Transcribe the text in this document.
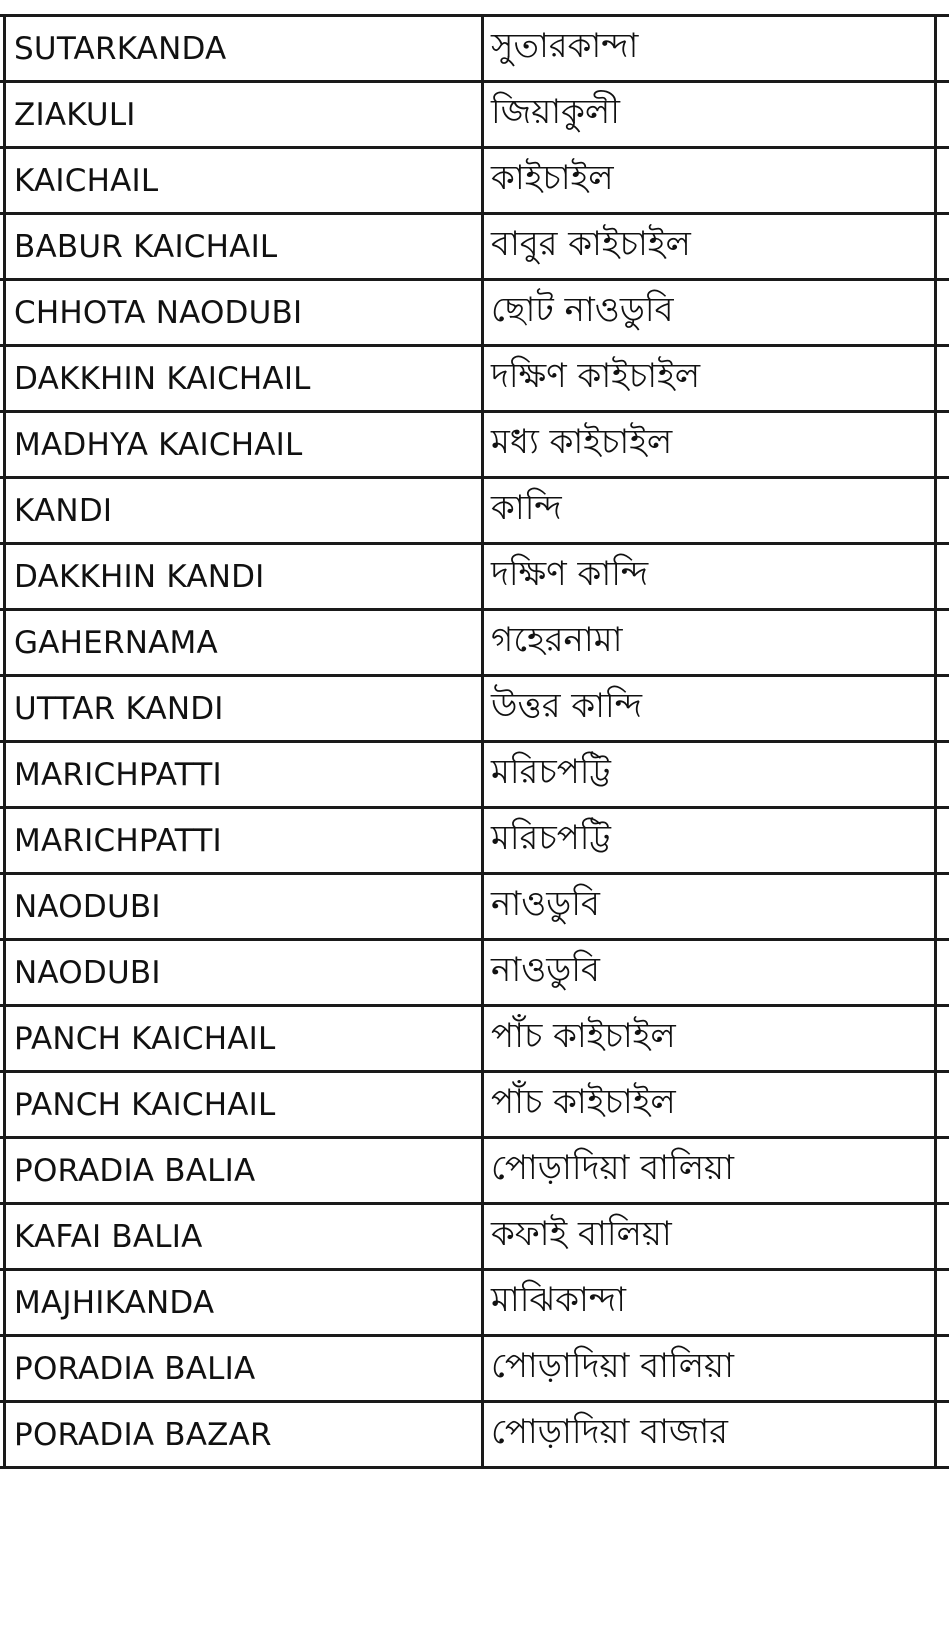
	SUTARKANDA	সুতারকান্দা	
	ZIAKULI	জিয়াকুলী	
	KAICHAIL	কাইচাইল	
	BABUR KAICHAIL	বাবুর কাইচাইল	
	CHHOTA NAODUBI	ছোট নাওডুবি	
	DAKKHIN KAICHAIL	দক্ষিণ কাইচাইল	
	MADHYA KAICHAIL	মধ্য কাইচাইল	
	KANDI	কান্দি	
	DAKKHIN KANDI	দক্ষিণ কান্দি	
	GAHERNAMA	গহেরনামা	
	UTTAR KANDI	উত্তর কান্দি	
	MARICHPATTI	মরিচপট্টি	
	MARICHPATTI	মরিচপট্টি	
	NAODUBI	নাওডুবি	
	NAODUBI	নাওডুবি	
	PANCH KAICHAIL	পাঁচ কাইচাইল	
	PANCH KAICHAIL	পাঁচ কাইচাইল	
	PORADIA BALIA	পোড়াদিয়া বালিয়া	
	KAFAI BALIA	কফাই বালিয়া	
	MAJHIKANDA	মাঝিকান্দা	
	PORADIA BALIA	পোড়াদিয়া বালিয়া	
	PORADIA BAZAR	পোড়াদিয়া বাজার	
